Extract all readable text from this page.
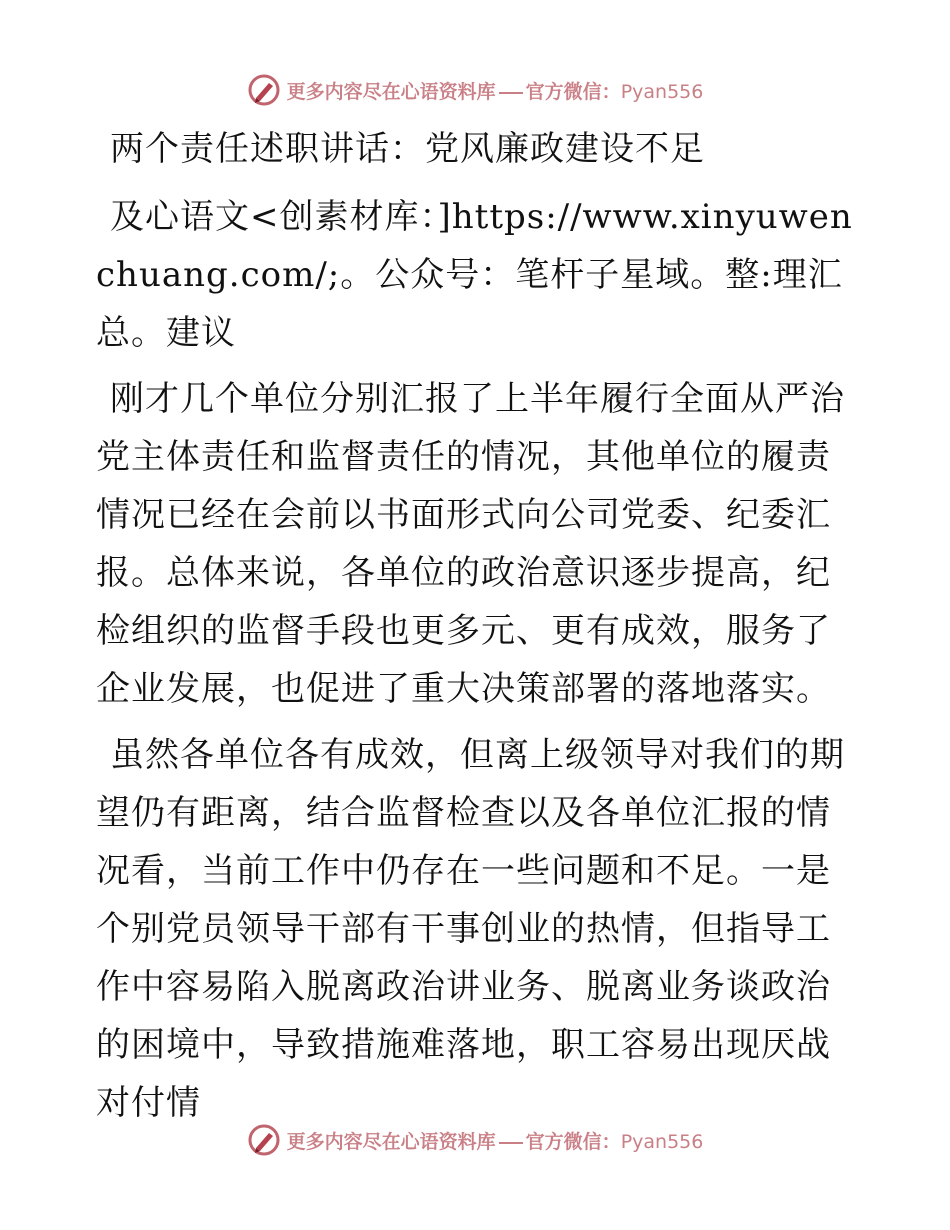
更多内容尽在心语资料库 官方微信：Pyan556

两个责任述职讲话：党风廉政建设不足

及心语文<创素材库：]https://www.xinyuwenchuang.com/;。公众号：笔杆子星域。整:理汇总。建议

刚才几个单位分别汇报了上半年履行全面从严治党主体责任和监督责任的情况，其他单位的履责情况已经在会前以书面形式向公司党委、纪委汇报。总体来说，各单位的政治意识逐步提高，纪检组织的监督手段也更多元、更有成效，服务了企业发展，也促进了重大决策部署的落地落实。

虽然各单位各有成效，但离上级领导对我们的期望仍有距离，结合监督检查以及各单位汇报的情况看，当前工作中仍存在一些问题和不足。一是个别党员领导干部有干事创业的热情，但指导工作中容易陷入脱离政治讲业务、脱离业务谈政治的困境中，导致措施难落地，职工容易出现厌战对付情

更多内容尽在心语资料库 官方微信：Pyan556
